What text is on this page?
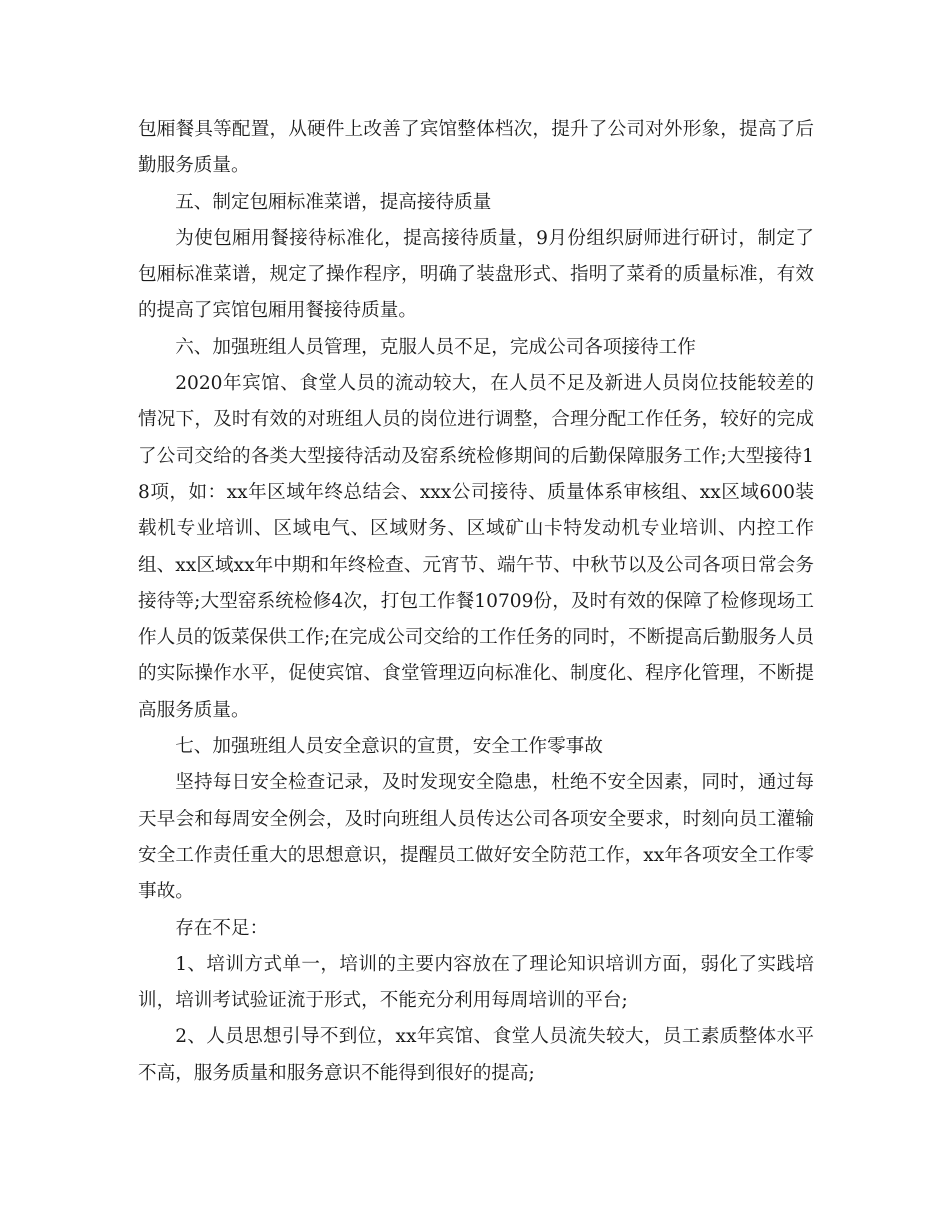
包厢餐具等配置，从硬件上改善了宾馆整体档次，提升了公司对外形象，提高了后勤服务质量。

五、制定包厢标准菜谱，提高接待质量

为使包厢用餐接待标准化，提高接待质量，9月份组织厨师进行研讨，制定了包厢标准菜谱，规定了操作程序，明确了装盘形式、指明了菜肴的质量标准，有效的提高了宾馆包厢用餐接待质量。

六、加强班组人员管理，克服人员不足，完成公司各项接待工作

2020年宾馆、食堂人员的流动较大，在人员不足及新进人员岗位技能较差的情况下，及时有效的对班组人员的岗位进行调整，合理分配工作任务，较好的完成了公司交给的各类大型接待活动及窑系统检修期间的后勤保障服务工作;大型接待18项，如：xx年区域年终总结会、xxx公司接待、质量体系审核组、xx区域600装载机专业培训、区域电气、区域财务、区域矿山卡特发动机专业培训、内控工作组、xx区域xx年中期和年终检查、元宵节、端午节、中秋节以及公司各项日常会务接待等;大型窑系统检修4次，打包工作餐10709份，及时有效的保障了检修现场工作人员的饭菜保供工作;在完成公司交给的工作任务的同时，不断提高后勤服务人员的实际操作水平，促使宾馆、食堂管理迈向标准化、制度化、程序化管理，不断提高服务质量。

七、加强班组人员安全意识的宣贯，安全工作零事故

坚持每日安全检查记录，及时发现安全隐患，杜绝不安全因素，同时，通过每天早会和每周安全例会，及时向班组人员传达公司各项安全要求，时刻向员工灌输安全工作责任重大的思想意识，提醒员工做好安全防范工作，xx年各项安全工作零事故。

存在不足：

1、培训方式单一，培训的主要内容放在了理论知识培训方面，弱化了实践培训，培训考试验证流于形式，不能充分利用每周培训的平台;

2、人员思想引导不到位，xx年宾馆、食堂人员流失较大，员工素质整体水平不高，服务质量和服务意识不能得到很好的提高;
